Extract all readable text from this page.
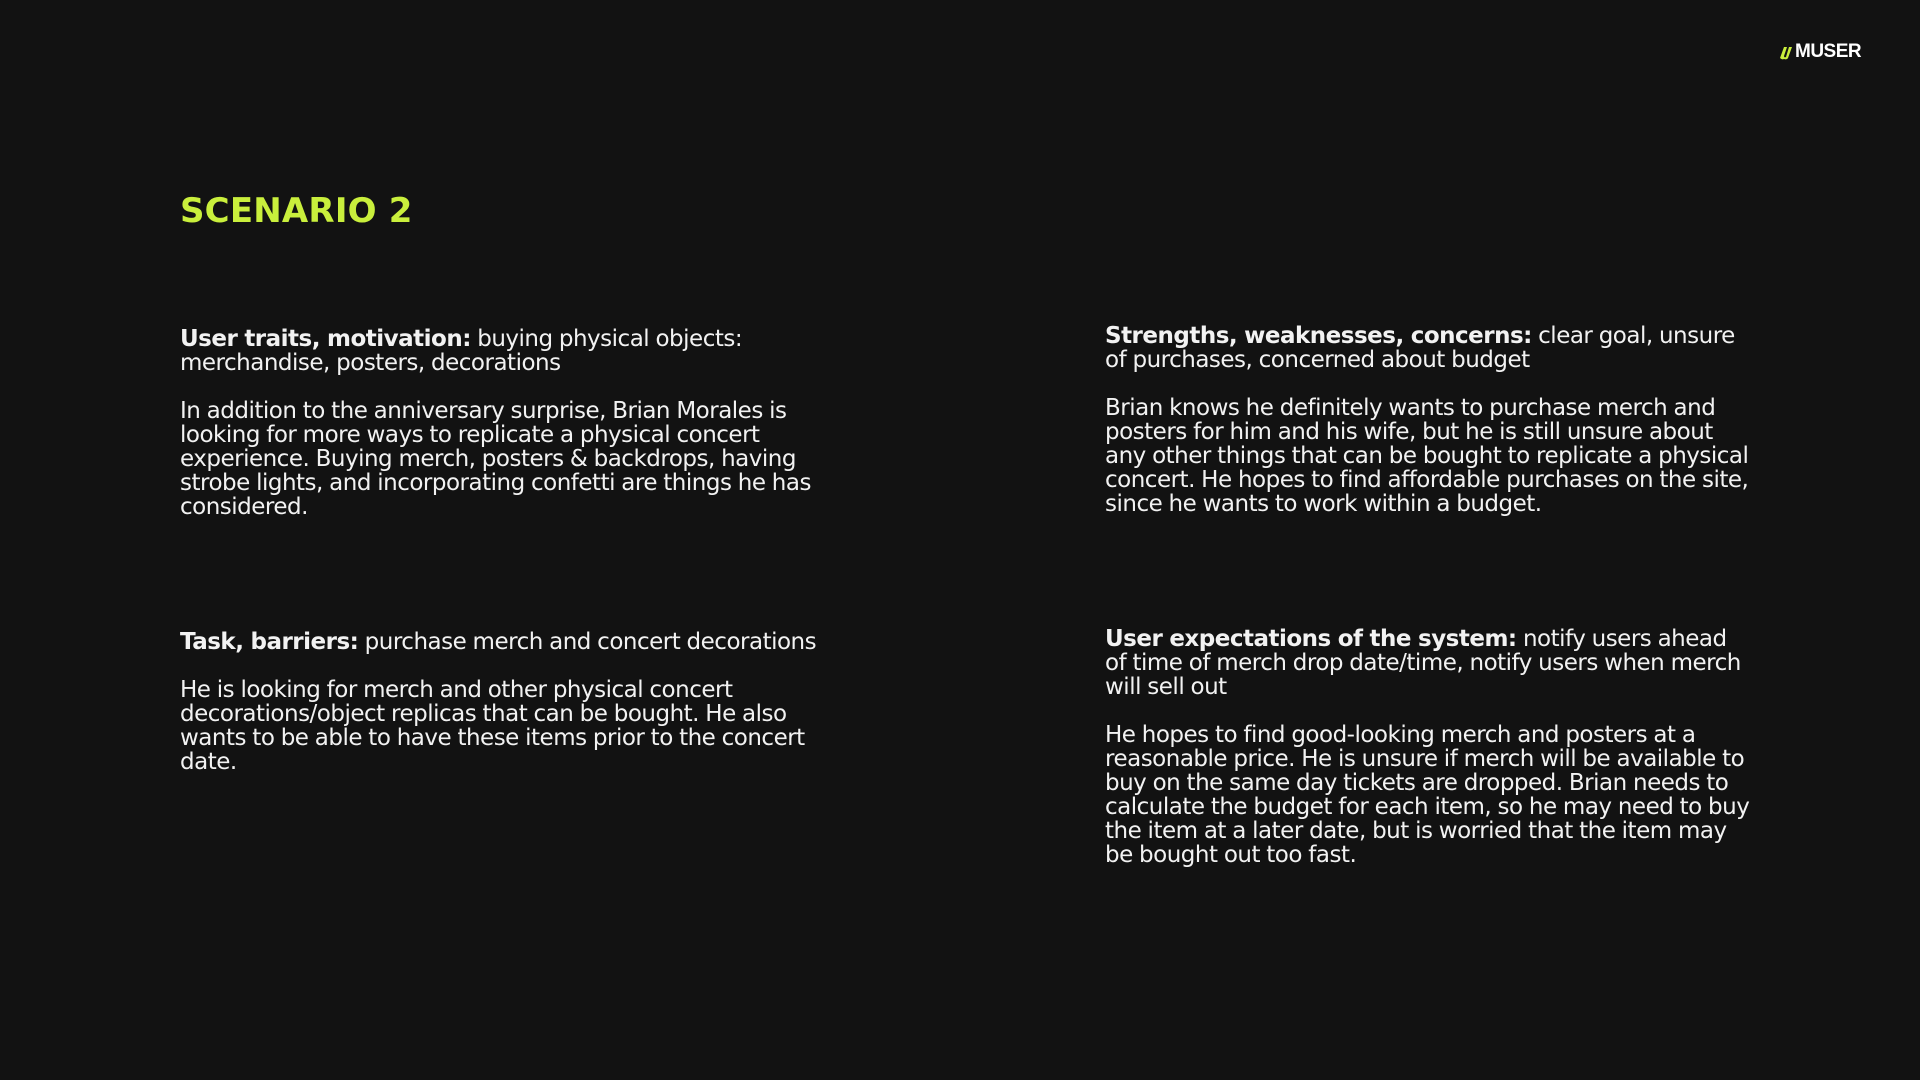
MUSER
SCENARIO 2

User traits, motivation: buying physical objects: merchandise, posters, decorations

In addition to the anniversary surprise, Brian Morales is looking for more ways to replicate a physical concert experience. Buying merch, posters & backdrops, having strobe lights, and incorporating confetti are things he has considered.

Strengths, weaknesses, concerns: clear goal, unsure of purchases, concerned about budget

Brian knows he definitely wants to purchase merch and posters for him and his wife, but he is still unsure about any other things that can be bought to replicate a physical concert. He hopes to find affordable purchases on the site, since he wants to work within a budget.

Task, barriers: purchase merch and concert decorations

He is looking for merch and other physical concert decorations/object replicas that can be bought. He also wants to be able to have these items prior to the concert date.

User expectations of the system: notify users ahead of time of merch drop date/time, notify users when merch will sell out

He hopes to find good-looking merch and posters at a reasonable price. He is unsure if merch will be available to buy on the same day tickets are dropped. Brian needs to calculate the budget for each item, so he may need to buy the item at a later date, but is worried that the item may be bought out too fast.
